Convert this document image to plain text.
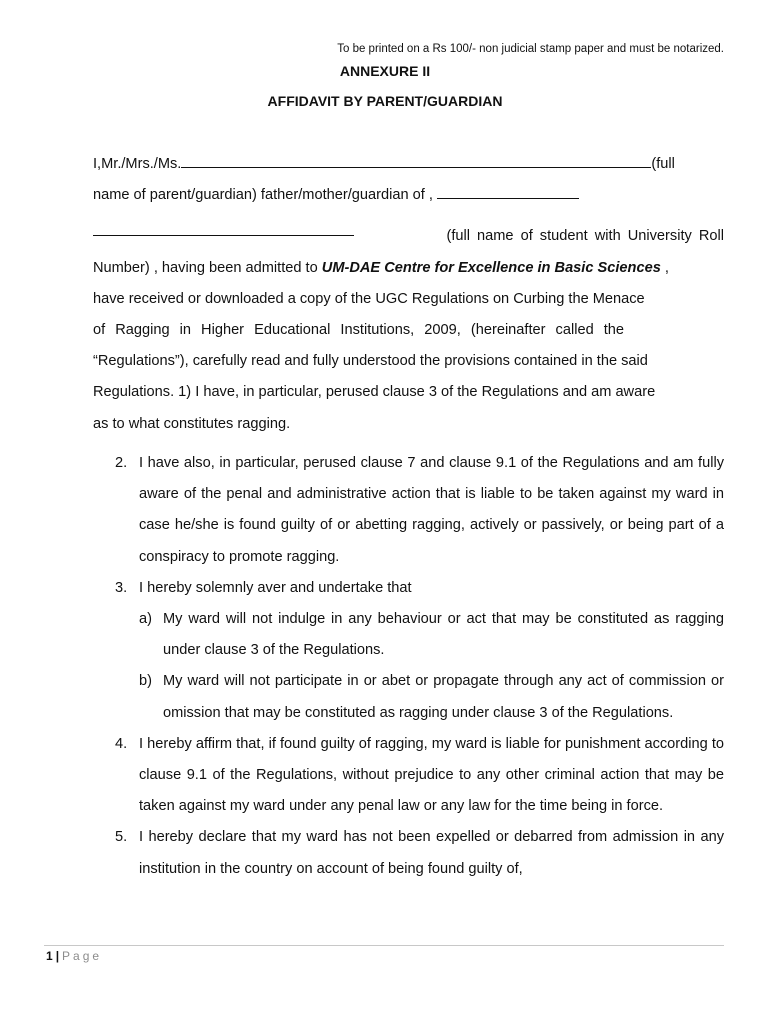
To be printed on a Rs 100/- non judicial stamp paper and must be notarized.
ANNEXURE II
AFFIDAVIT BY PARENT/GUARDIAN
I,Mr./Mrs./Ms.	(full
name of parent/guardian) father/mother/guardian of ,
(full name of student with University Roll
Number) , having been admitted to UM-DAE Centre for Excellence in Basic Sciences ,
have received or downloaded a copy of the UGC Regulations on Curbing the Menace
of Ragging in Higher Educational Institutions, 2009, (hereinafter called the
“Regulations”), carefully read and fully understood the provisions contained in the said
Regulations. 1) I have, in particular, perused clause 3 of the Regulations and am aware
as to what constitutes ragging.
2. I have also, in particular, perused clause 7 and clause 9.1 of the Regulations and am fully aware of the penal and administrative action that is liable to be taken against my ward in case he/she is found guilty of or abetting ragging, actively or passively, or being part of a conspiracy to promote ragging.
3. I hereby solemnly aver and undertake that
a) My ward will not indulge in any behaviour or act that may be constituted as ragging under clause 3 of the Regulations.
b) My ward will not participate in or abet or propagate through any act of commission or omission that may be constituted as ragging under clause 3 of the Regulations.
4. I hereby affirm that, if found guilty of ragging, my ward is liable for punishment according to clause 9.1 of the Regulations, without prejudice to any other criminal action that may be taken against my ward under any penal law or any law for the time being in force.
5. I hereby declare that my ward has not been expelled or debarred from admission in any institution in the country on account of being found guilty of,
1 | Page
